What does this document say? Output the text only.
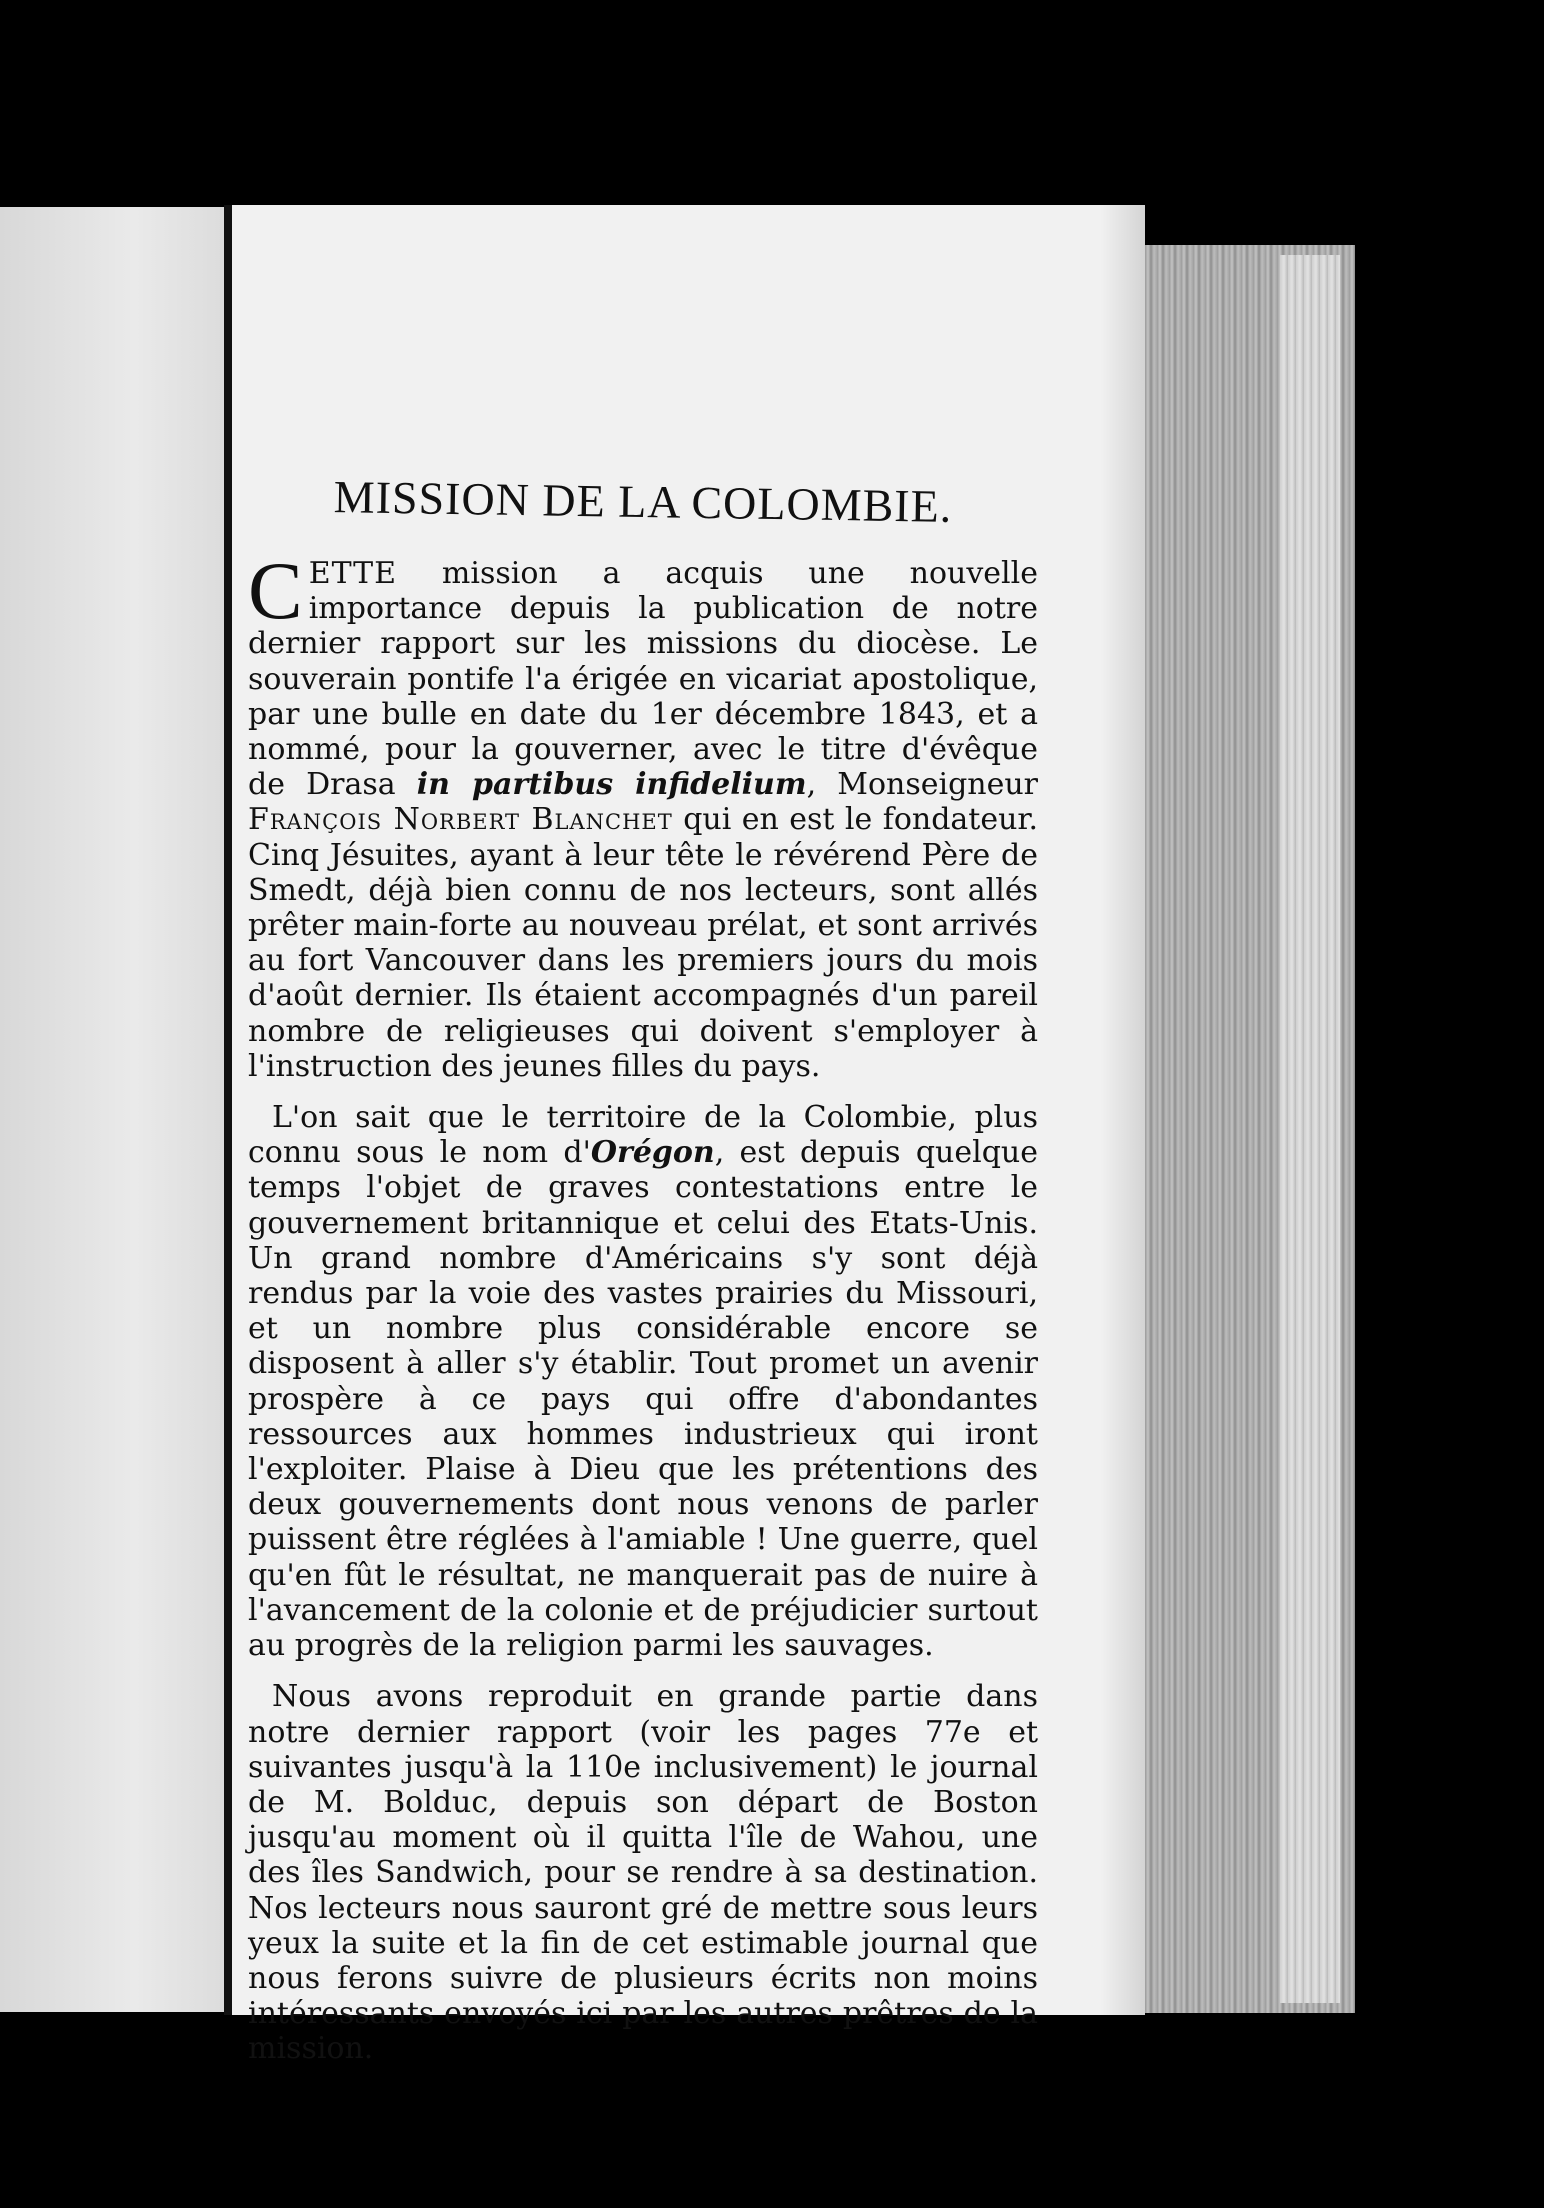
MISSION DE LA COLOMBIE.

CETTE mission a acquis une nouvelle importance depuis la publication de notre dernier rapport sur les missions du diocèse. Le souverain pontife l'a érigée en vicariat apostolique, par une bulle en date du 1er décembre 1843, et a nommé, pour la gouverner, avec le titre d'évêque de Drasa in partibus infidelium, Monseigneur François Norbert Blanchet qui en est le fondateur. Cinq Jésuites, ayant à leur tête le révérend Père de Smedt, déjà bien connu de nos lecteurs, sont allés prêter main-forte au nouveau prélat, et sont arrivés au fort Vancouver dans les premiers jours du mois d'août dernier. Ils étaient accompagnés d'un pareil nombre de religieuses qui doivent s'employer à l'instruction des jeunes filles du pays.

L'on sait que le territoire de la Colombie, plus connu sous le nom d'Orégon, est depuis quelque temps l'objet de graves contestations entre le gouvernement britannique et celui des Etats-Unis. Un grand nombre d'Américains s'y sont déjà rendus par la voie des vastes prairies du Missouri, et un nombre plus considérable encore se disposent à aller s'y établir. Tout promet un avenir prospère à ce pays qui offre d'abondantes ressources aux hommes industrieux qui iront l'exploiter. Plaise à Dieu que les prétentions des deux gouvernements dont nous venons de parler puissent être réglées à l'amiable ! Une guerre, quel qu'en fût le résultat, ne manquerait pas de nuire à l'avancement de la colonie et de préjudicier surtout au progrès de la religion parmi les sauvages.

Nous avons reproduit en grande partie dans notre dernier rapport (voir les pages 77e et suivantes jusqu'à la 110e inclusivement) le journal de M. Bolduc, depuis son départ de Boston jusqu'au moment où il quitta l'île de Wahou, une des îles Sandwich, pour se rendre à sa destination. Nos lecteurs nous sauront gré de mettre sous leurs yeux la suite et la fin de cet estimable journal que nous ferons suivre de plusieurs écrits non moins intéressants envoyés ici par les autres prêtres de la mission.
